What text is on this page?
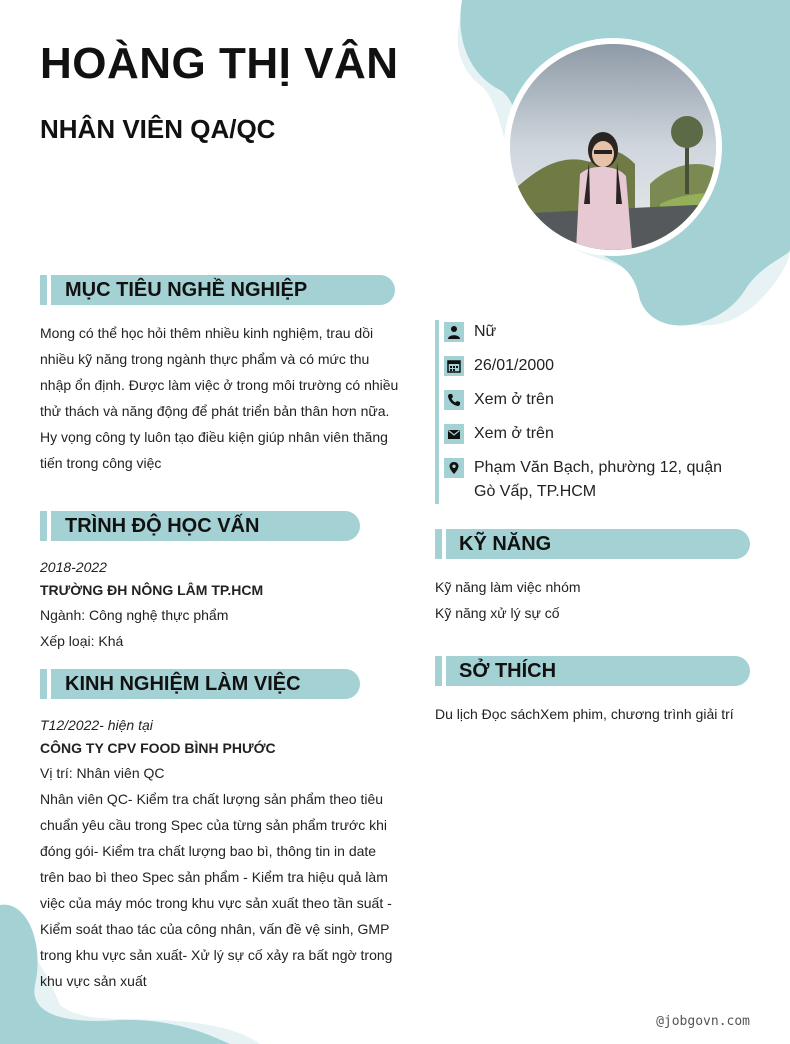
HOÀNG THỊ VÂN
NHÂN VIÊN QA/QC
MỤC TIÊU NGHỀ NGHIỆP
Mong có thể học hỏi thêm nhiều kinh nghiệm, trau dồi
nhiều kỹ năng trong ngành thực phẩm và có mức thu
nhập ổn định. Được làm việc ở trong môi trường có nhiều
thử thách và năng động để phát triển bản thân hơn nữa.
Hy vọng công ty luôn tạo điều kiện giúp nhân viên thăng
tiến trong công việc
TRÌNH ĐỘ HỌC VẤN
2018-2022
TRƯỜNG ĐH NÔNG LÂM TP.HCM
Ngành: Công nghệ thực phẩm
Xếp loại: Khá
KINH NGHIỆM LÀM VIỆC
T12/2022- hiện tại
CÔNG TY CPV FOOD BÌNH PHƯỚC
Vị trí: Nhân viên QC
Nhân viên QC- Kiểm tra chất lượng sản phẩm theo tiêu
chuẩn yêu cầu trong Spec của từng sản phẩm trước khi
đóng gói- Kiểm tra chất lượng bao bì, thông tin in date
trên bao bì theo Spec sản phẩm - Kiểm tra hiệu quả làm
việc của máy móc trong khu vực sản xuất theo tần suất -
Kiểm soát thao tác của công nhân, vấn đề vệ sinh, GMP
trong khu vực sản xuất- Xử lý sự cố xảy ra bất ngờ trong
khu vực sản xuất
Nữ
26/01/2000
Xem ở trên
Xem ở trên
Phạm Văn Bạch, phường 12, quận Gò Vấp, TP.HCM
KỸ NĂNG
Kỹ năng làm việc nhóm
Kỹ năng xử lý sự cố
SỞ THÍCH
Du lịch Đọc sáchXem phim, chương trình giải trí
@jobgovn.com
